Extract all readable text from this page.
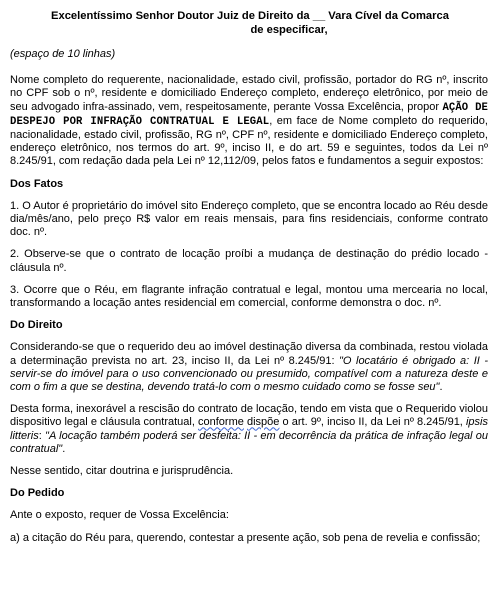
Excelentíssimo Senhor Doutor Juiz de Direito da __ Vara Cível da Comarca
de especificar,

(espaço de 10 linhas)

Nome completo do requerente, nacionalidade, estado civil, profissão, portador do RG nº, inscrito no CPF sob o nº, residente e domiciliado Endereço completo, endereço eletrônico, por meio de seu advogado infra-assinado, vem, respeitosamente, perante Vossa Excelência, propor AÇÃO DE DESPEJO POR INFRAÇÃO CONTRATUAL E LEGAL, em face de Nome completo do requerido, nacionalidade, estado civil, profissão, RG nº, CPF nº, residente e domiciliado Endereço completo, endereço eletrônico, nos termos do art. 9º, inciso II, e do art. 59 e seguintes, todos da Lei nº 8.245/91, com redação dada pela Lei nº 12,112/09, pelos fatos e fundamentos a seguir expostos:

Dos Fatos

1. O Autor é proprietário do imóvel sito Endereço completo, que se encontra locado ao Réu desde dia/mês/ano, pelo preço R$ valor em reais mensais, para fins residenciais, conforme contrato doc. nº.

2. Observe-se que o contrato de locação proíbi a mudança de destinação do prédio locado - cláusula nº.

3. Ocorre que o Réu, em flagrante infração contratual e legal, montou uma mercearia no local, transformando a locação antes residencial em comercial, conforme demonstra o doc. nº.

Do Direito

Considerando-se que o requerido deu ao imóvel destinação diversa da combinada, restou violada a determinação prevista no art. 23, inciso II, da Lei nº 8.245/91: "O locatário é obrigado a: II - servir-se do imóvel para o uso convencionado ou presumido, compatível com a natureza deste e com o fim a que se destina, devendo tratá-lo com o mesmo cuidado como se fosse seu".

Desta forma, inexorável a rescisão do contrato de locação, tendo em vista que o Requerido violou dispositivo legal e cláusula contratual, conforme dispõe o art. 9º, inciso II, da Lei nº 8.245/91, ipsis litteris: "A locação também poderá ser desfeita: II - em decorrência da prática de infração legal ou contratual".

Nesse sentido, citar doutrina e jurisprudência.

Do Pedido

Ante o exposto, requer de Vossa Excelência:

a) a citação do Réu para, querendo, contestar a presente ação, sob pena de revelia e confissão;
